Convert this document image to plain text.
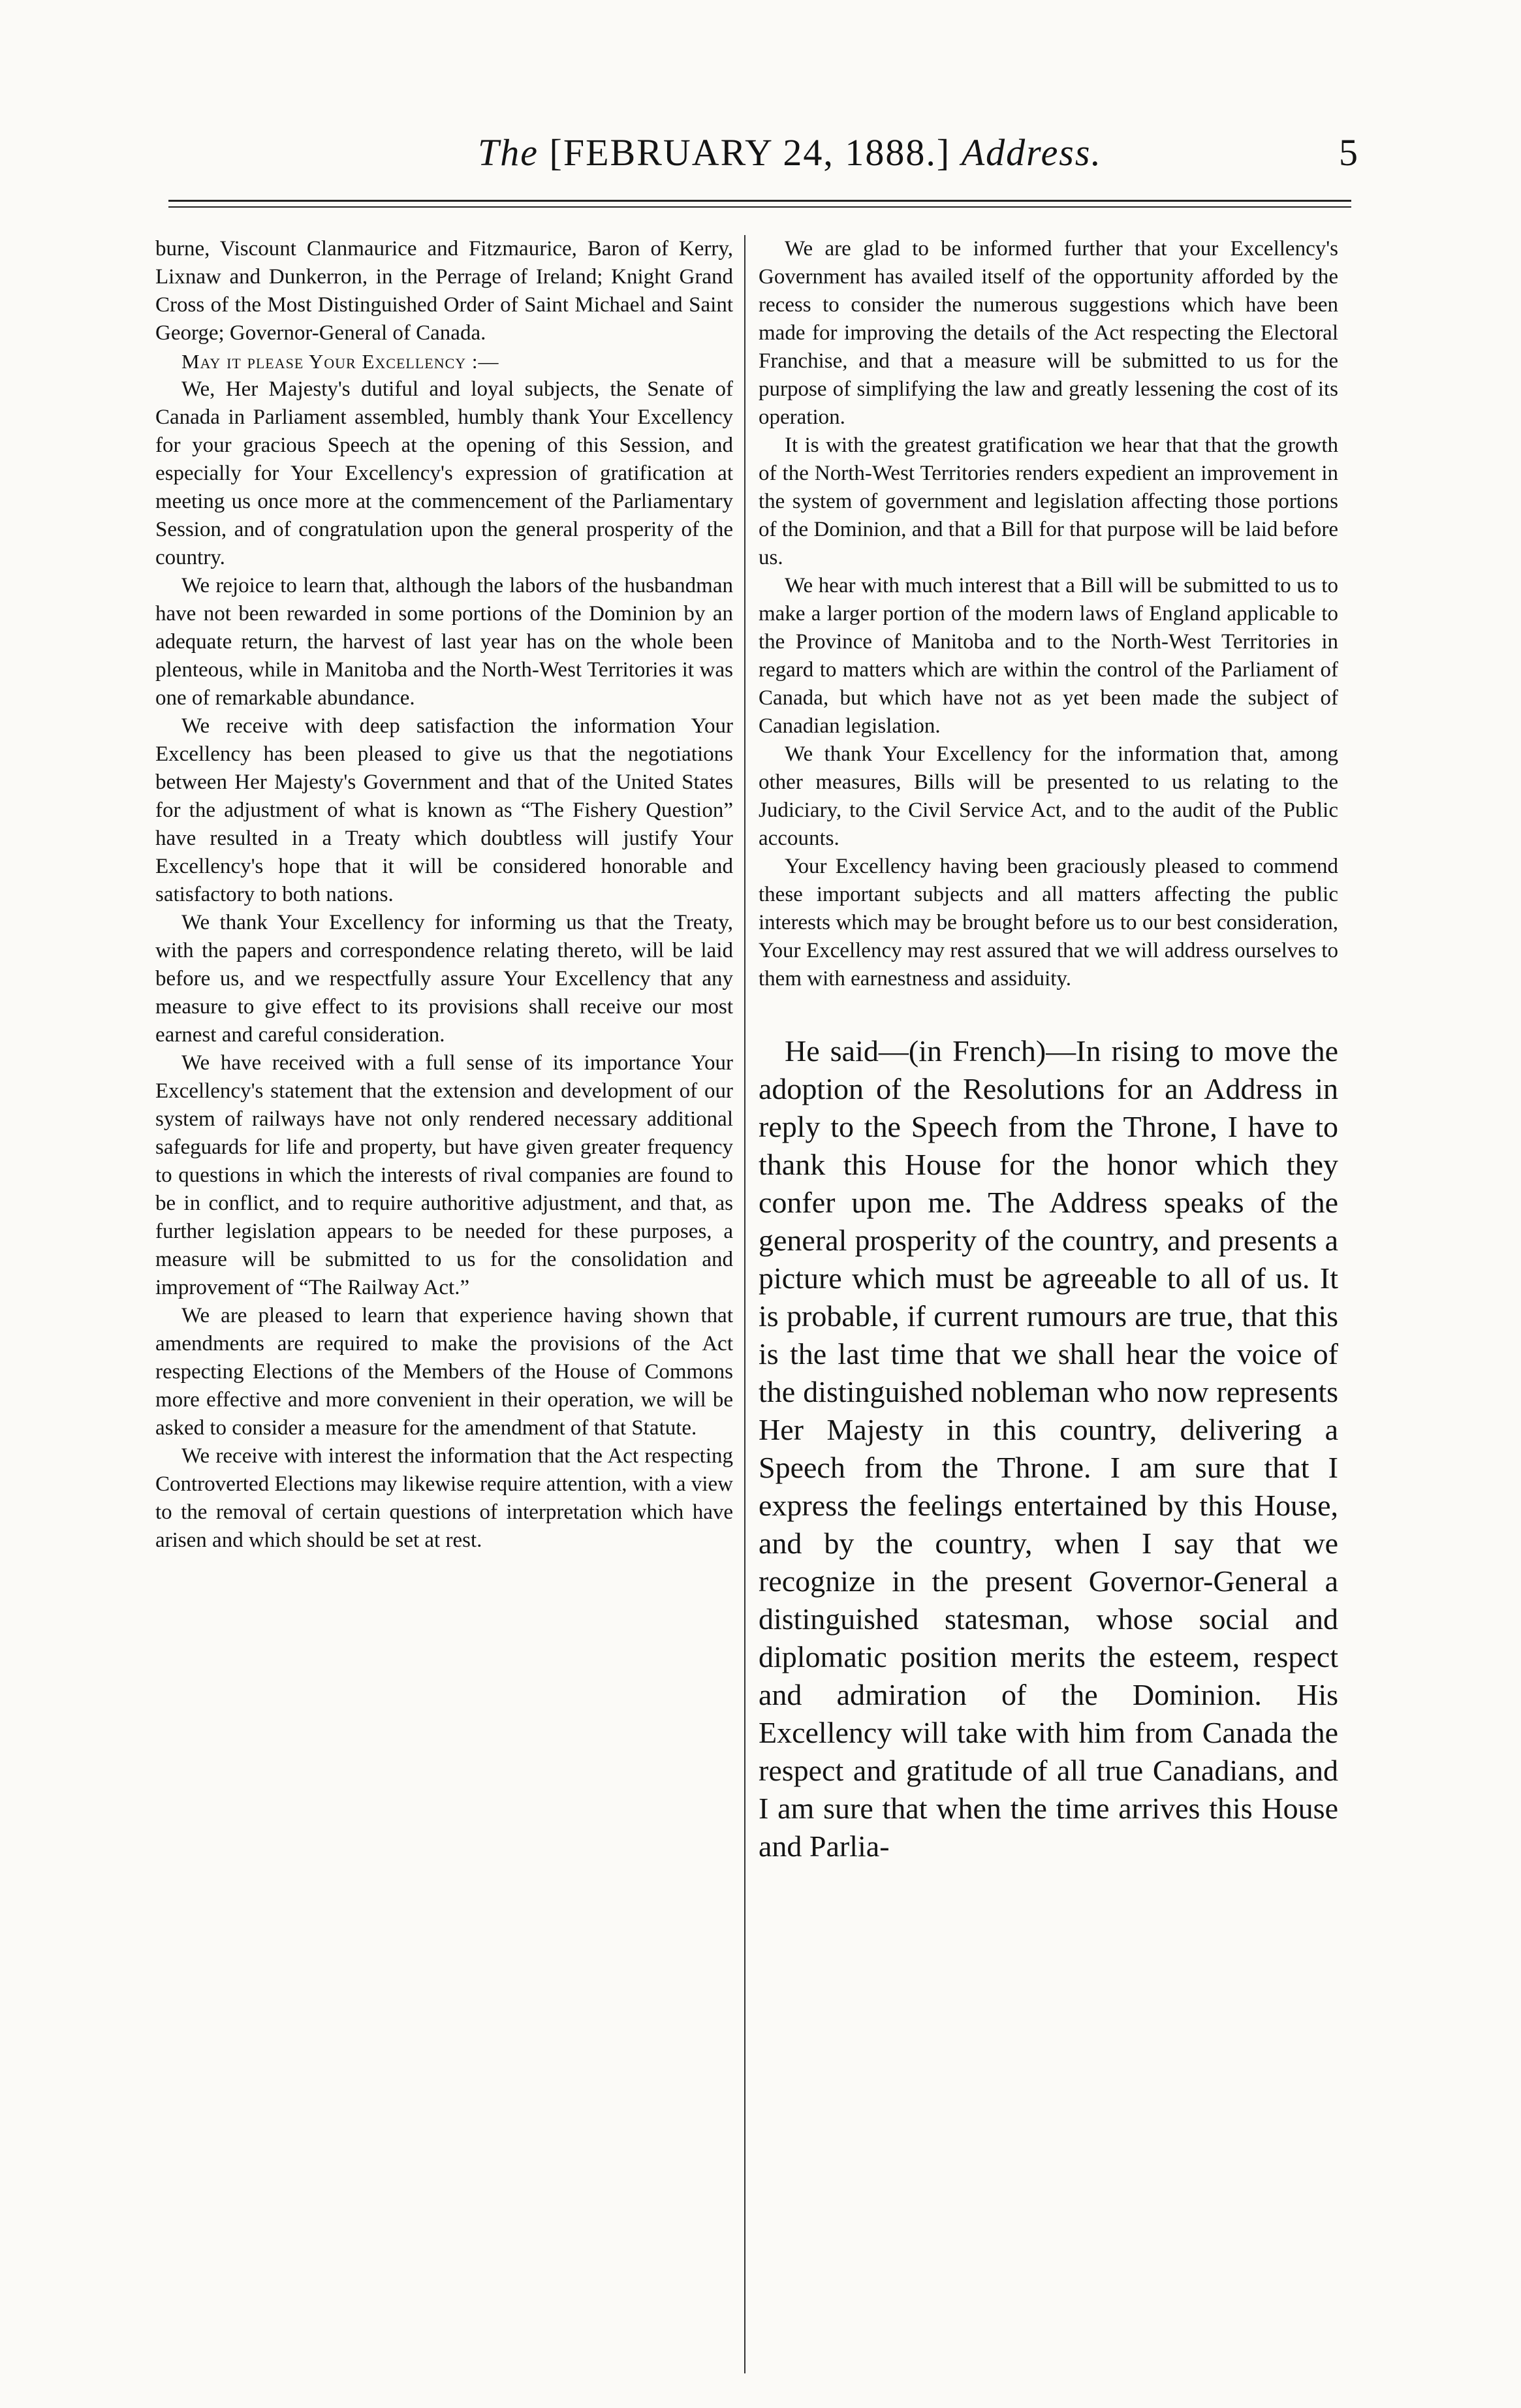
The [FEBRUARY 24, 1888.] Address.	5

burne, Viscount Clanmaurice and Fitzmaurice, Baron of Kerry, Lixnaw and Dunkerron, in the Perrage of Ireland; Knight Grand Cross of the Most Distinguished Order of Saint Michael and Saint George; Governor-General of Canada.

May it please Your Excellency :—

We, Her Majesty's dutiful and loyal subjects, the Senate of Canada in Parliament assembled, humbly thank Your Excellency for your gracious Speech at the opening of this Session, and especially for Your Excellency's expression of gratification at meeting us once more at the commencement of the Parliamentary Session, and of congratulation upon the general prosperity of the country.

We rejoice to learn that, although the labors of the husbandman have not been rewarded in some portions of the Dominion by an adequate return, the harvest of last year has on the whole been plenteous, while in Manitoba and the North-West Territories it was one of remarkable abundance.

We receive with deep satisfaction the information Your Excellency has been pleased to give us that the negotiations between Her Majesty's Government and that of the United States for the adjustment of what is known as “The Fishery Question” have resulted in a Treaty which doubtless will justify Your Excellency's hope that it will be considered honorable and satisfactory to both nations.

We thank Your Excellency for informing us that the Treaty, with the papers and correspondence relating thereto, will be laid before us, and we respectfully assure Your Excellency that any measure to give effect to its provisions shall receive our most earnest and careful consideration.

We have received with a full sense of its importance Your Excellency's statement that the extension and development of our system of railways have not only rendered necessary additional safeguards for life and property, but have given greater frequency to questions in which the interests of rival companies are found to be in conflict, and to require authoritive adjustment, and that, as further legislation appears to be needed for these purposes, a measure will be submitted to us for the consolidation and improvement of “The Railway Act.”

We are pleased to learn that experience having shown that amendments are required to make the provisions of the Act respecting Elections of the Members of the House of Commons more effective and more convenient in their operation, we will be asked to consider a measure for the amendment of that Statute.

We receive with interest the information that the Act respecting Controverted Elections may likewise require attention, with a view to the removal of certain questions of interpretation which have arisen and which should be set at rest.

We are glad to be informed further that your Excellency's Government has availed itself of the opportunity afforded by the recess to consider the numerous suggestions which have been made for improving the details of the Act respecting the Electoral Franchise, and that a measure will be submitted to us for the purpose of simplifying the law and greatly lessening the cost of its operation.

It is with the greatest gratification we hear that that the growth of the North-West Territories renders expedient an improvement in the system of government and legislation affecting those portions of the Dominion, and that a Bill for that purpose will be laid before us.

We hear with much interest that a Bill will be submitted to us to make a larger portion of the modern laws of England applicable to the Province of Manitoba and to the North-West Territories in regard to matters which are within the control of the Parliament of Canada, but which have not as yet been made the subject of Canadian legislation.

We thank Your Excellency for the information that, among other measures, Bills will be presented to us relating to the Judiciary, to the Civil Service Act, and to the audit of the Public accounts.

Your Excellency having been graciously pleased to commend these important subjects and all matters affecting the public interests which may be brought before us to our best consideration, Your Excellency may rest assured that we will address ourselves to them with earnestness and assiduity.

He said—(in French)—In rising to move the adoption of the Resolutions for an Address in reply to the Speech from the Throne, I have to thank this House for the honor which they confer upon me. The Address speaks of the general prosperity of the country, and presents a picture which must be agreeable to all of us. It is probable, if current rumours are true, that this is the last time that we shall hear the voice of the distinguished nobleman who now represents Her Majesty in this country, delivering a Speech from the Throne. I am sure that I express the feelings entertained by this House, and by the country, when I say that we recognize in the present Governor-General a distinguished statesman, whose social and diplomatic position merits the esteem, respect and admiration of the Dominion. His Excellency will take with him from Canada the respect and gratitude of all true Canadians, and I am sure that when the time arrives this House and Parlia-
